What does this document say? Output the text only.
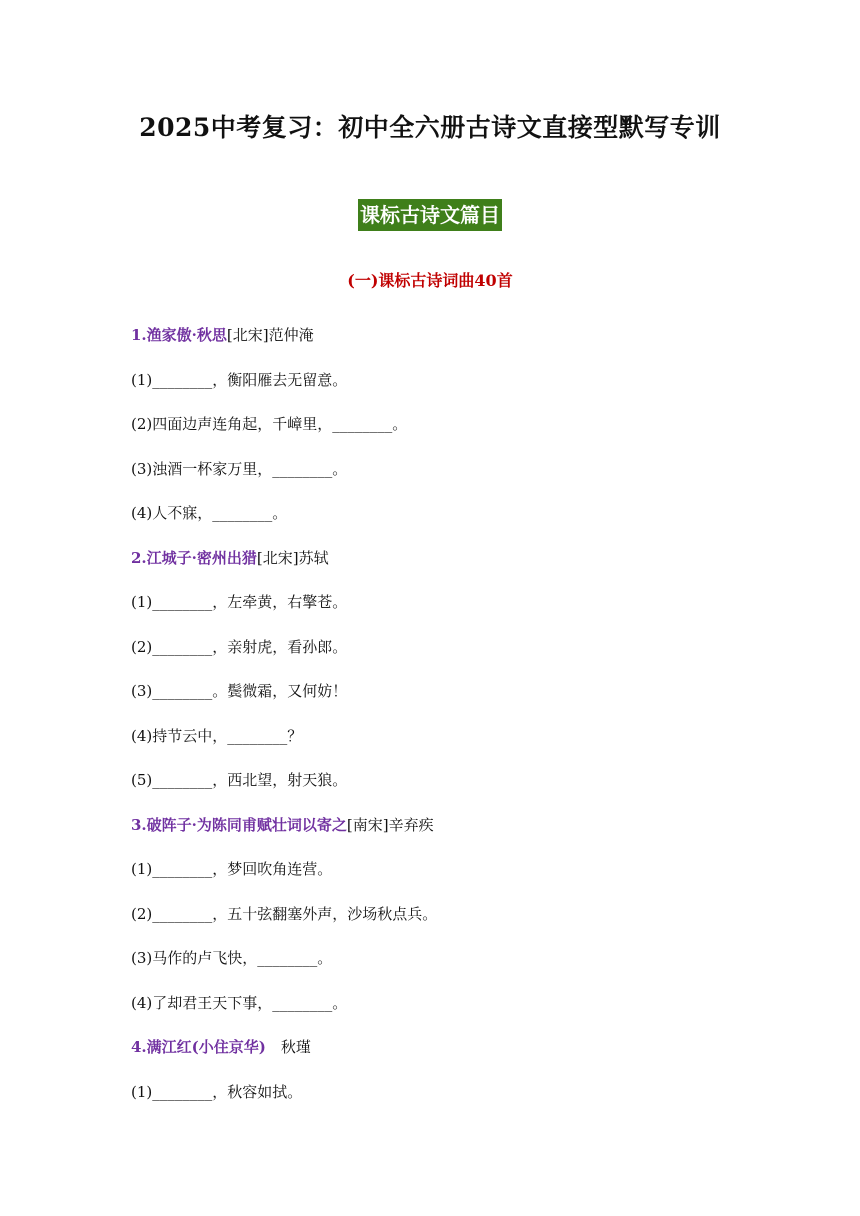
2025中考复习：初中全六册古诗文直接型默写专训
课标古诗文篇目
(一)课标古诗词曲40首
1.渔家傲·秋思[北宋]范仲淹
(1)________，衡阳雁去无留意。
(2)四面边声连角起，千嶂里，________。
(3)浊酒一杯家万里，________。
(4)人不寐，________。
2.江城子·密州出猎[北宋]苏轼
(1)________，左牵黄，右擎苍。
(2)________，亲射虎，看孙郎。
(3)________。鬓微霜，又何妨！
(4)持节云中，________？
(5)________，西北望，射天狼。
3.破阵子·为陈同甫赋壮词以寄之[南宋]辛弃疾
(1)________，梦回吹角连营。
(2)________，五十弦翻塞外声，沙场秋点兵。
(3)马作的卢飞快，________。
(4)了却君王天下事，________。
4.满江红(小住京华)　秋瑾
(1)________，秋容如拭。
